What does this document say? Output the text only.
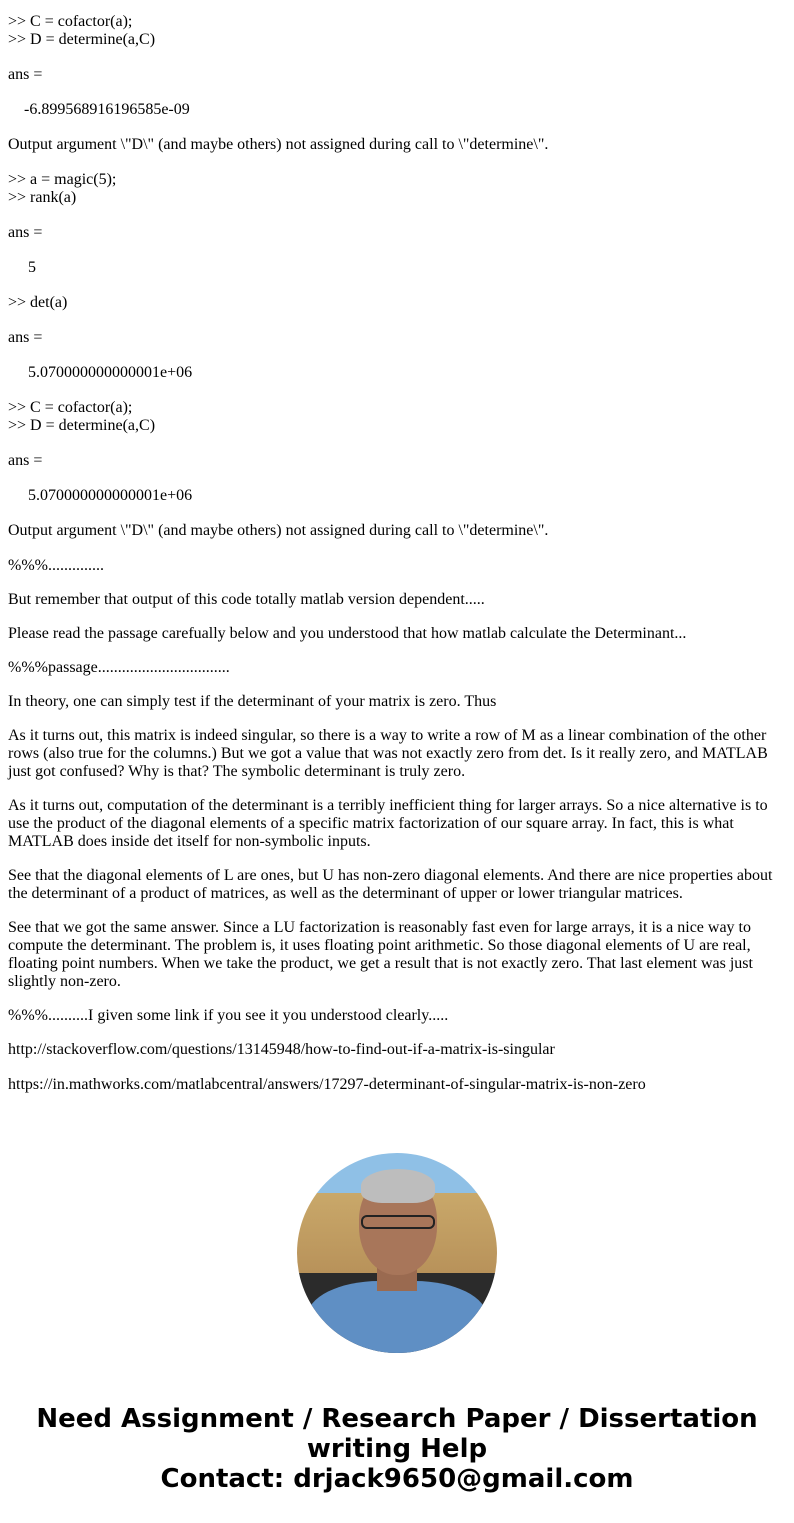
>> C = cofactor(a);
>> D = determine(a,C)

ans =

-6.899568916196585e-09

Output argument \"D\" (and maybe others) not assigned during call to \"determine\".

>> a = magic(5);
>> rank(a)

ans =

5

>> det(a)

ans =

5.070000000000001e+06

>> C = cofactor(a);
>> D = determine(a,C)

ans =

5.070000000000001e+06

Output argument \"D\" (and maybe others) not assigned during call to \"determine\".

%%%..............

But remember that output of this code totally matlab version dependent.....

Please read the passage carefually below and you understood that how matlab calculate the Determinant...

%%%passage.................................

In theory, one can simply test if the determinant of your matrix is zero. Thus

As it turns out, this matrix is indeed singular, so there is a way to write a row of M as a linear combination of the other rows (also true for the columns.) But we got a value that was not exactly zero from det. Is it really zero, and MATLAB just got confused? Why is that? The symbolic determinant is truly zero.

As it turns out, computation of the determinant is a terribly inefficient thing for larger arrays. So a nice alternative is to use the product of the diagonal elements of a specific matrix factorization of our square array. In fact, this is what MATLAB does inside det itself for non-symbolic inputs.

See that the diagonal elements of L are ones, but U has non-zero diagonal elements. And there are nice properties about the determinant of a product of matrices, as well as the determinant of upper or lower triangular matrices.

See that we got the same answer. Since a LU factorization is reasonably fast even for large arrays, it is a nice way to compute the determinant. The problem is, it uses floating point arithmetic. So those diagonal elements of U are real, floating point numbers. When we take the product, we get a result that is not exactly zero. That last element was just slightly non-zero.

%%%..........I given some link if you see it you understood clearly.....

http://stackoverflow.com/questions/13145948/how-to-find-out-if-a-matrix-is-singular

https://in.mathworks.com/matlabcentral/answers/17297-determinant-of-singular-matrix-is-non-zero

Need Assignment / Research Paper / Dissertation
writing Help
Contact: drjack9650@gmail.com
